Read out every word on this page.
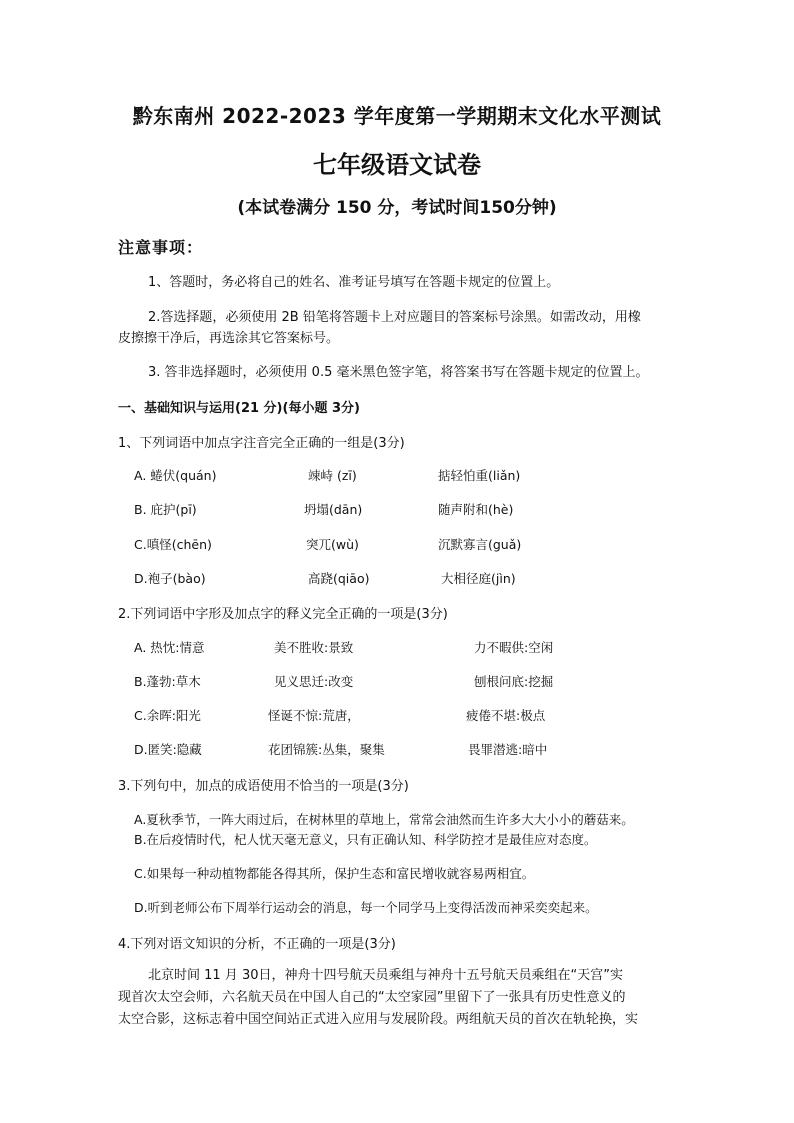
黔东南州 2022-2023 学年度第一学期期末文化水平测试
七年级语文试卷
(本试卷满分 150 分，考试时间150分钟)
注意事项：
1、答题时，务必将自己的姓名、准考证号填写在答题卡规定的位置上。
2.答选择题，必须使用 2B 铅笔将答题卡上对应题目的答案标号涂黑。如需改动，用橡
皮擦擦干净后，再选涂其它答案标号。
3. 答非选择题时，必须使用 0.5 毫米黑色签字笔，将答案书写在答题卡规定的位置上。
一、基础知识与运用(21 分)(每小题 3分)
1、下列词语中加点字注音完全正确的一组是(3分)
A. 蜷伏(quán)	竦峙 (zī)	掂轻怕重(liǎn)
B. 庇护(pī)	坍塌(dān)	随声附和(hè)
C.嗔怪(chēn)	突兀(wù)	沉默寡言(guǎ)
D.袍子(bào)	高跷(qiāo)	大相径庭(jìn)
2.下列词语中字形及加点字的释义完全正确的一项是(3分)
A. 热忱:情意	美不胜收:景致	力不暇供:空闲
B.蓬勃:草木	见义思迁:改变	刨根问底:挖掘
C.余晖:阳光	怪诞不惊:荒唐，	疲倦不堪:极点
D.匿笑:隐藏	花团锦簇:丛集，聚集	畏罪潜逃:暗中
3.下列句中，加点的成语使用不恰当的一项是(3分)
A.夏秋季节，一阵大雨过后，在树林里的草地上，常常会油然而生许多大大小小的蘑菇来。
B.在后疫情时代，杞人忧天毫无意义，只有正确认知、科学防控才是最佳应对态度。
C.如果每一种动植物都能各得其所，保护生态和富民增收就容易两相宜。
D.听到老师公布下周举行运动会的消息，每一个同学马上变得活泼而神采奕奕起来。
4.下列对语文知识的分析，不正确的一项是(3分)
北京时间 11 月 30日，神舟十四号航天员乘组与神舟十五号航天员乘组在“天宫”实
现首次太空会师，六名航天员在中国人自己的“太空家园”里留下了一张具有历史性意义的
太空合影，这标志着中国空间站正式进入应用与发展阶段。两组航天员的首次在轨轮换，实
